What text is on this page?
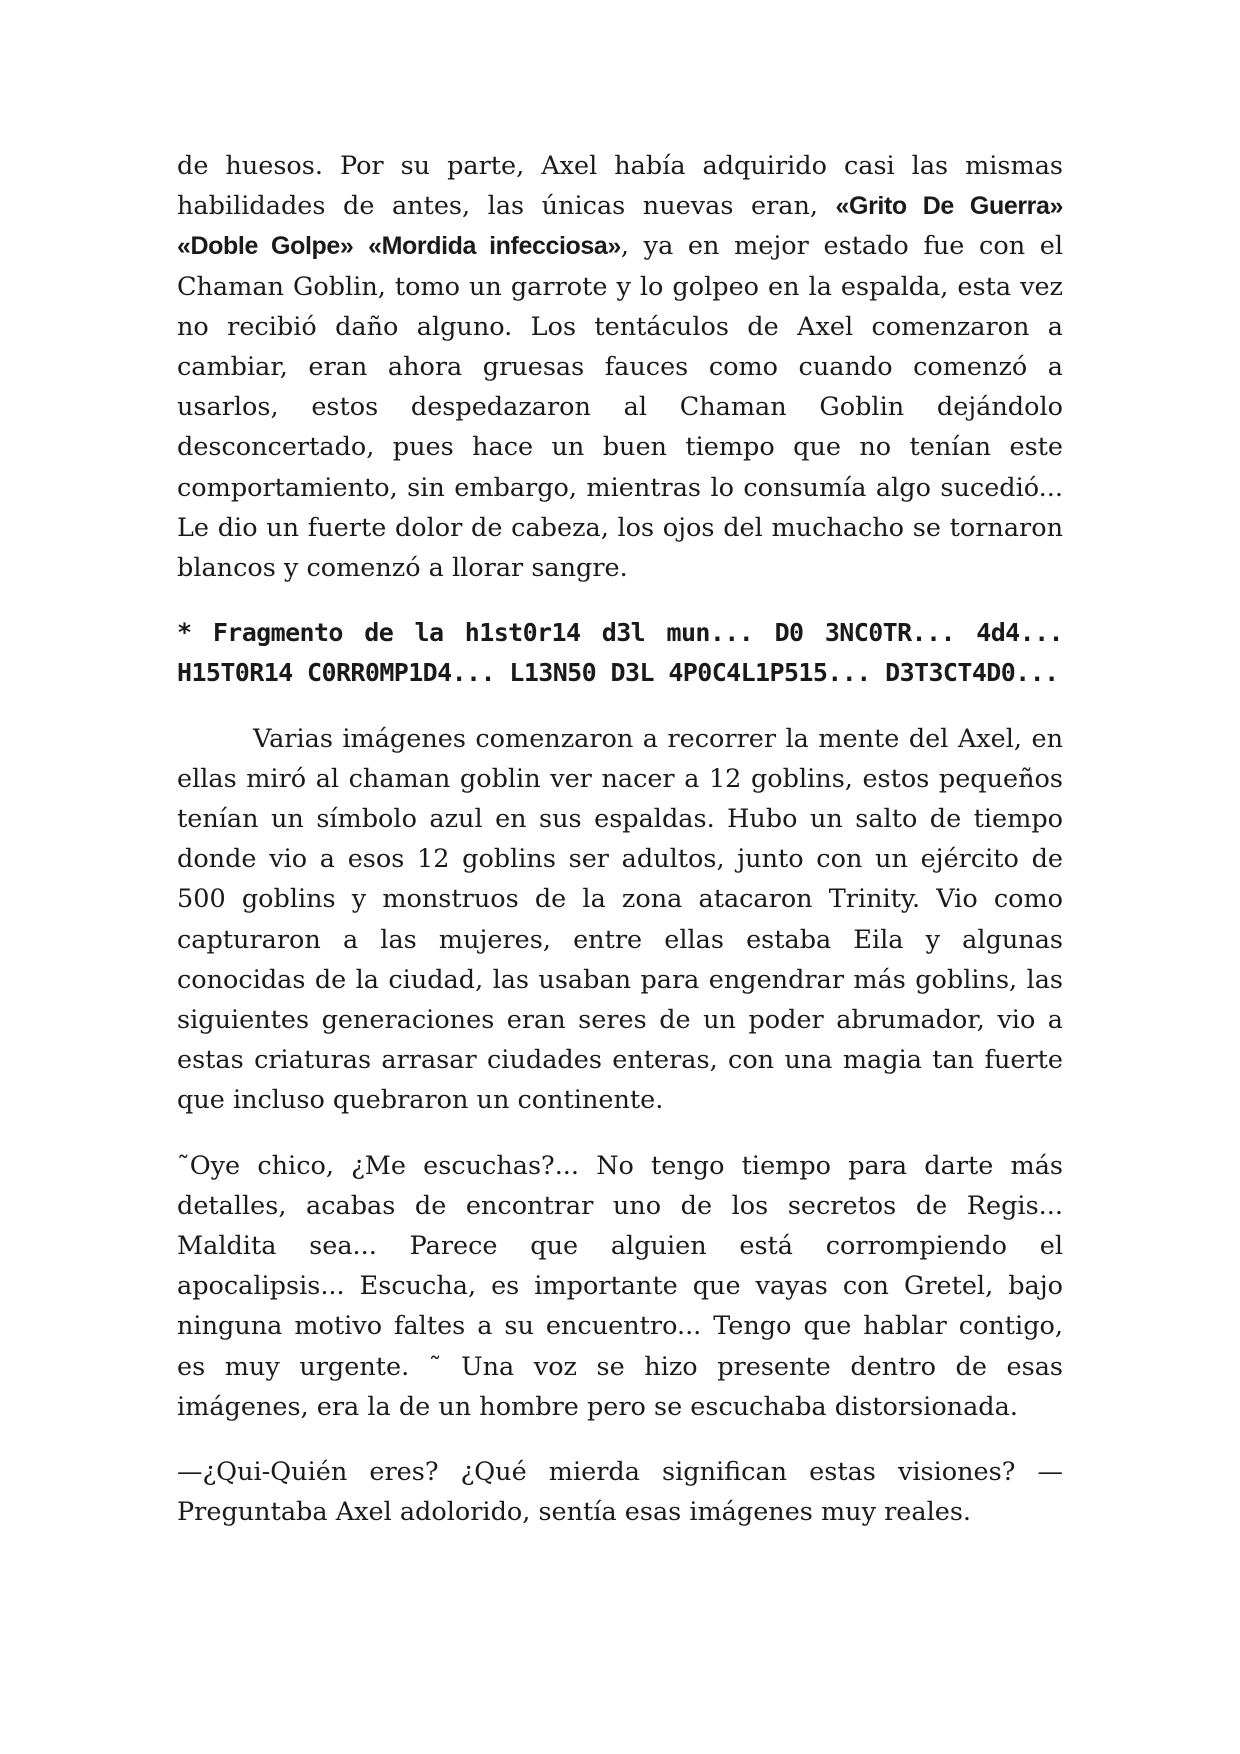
de huesos. Por su parte, Axel había adquirido casi las mismas habilidades de antes, las únicas nuevas eran, «Grito De Guerra» «Doble Golpe» «Mordida infecciosa», ya en mejor estado fue con el Chaman Goblin, tomo un garrote y lo golpeo en la espalda, esta vez no recibió daño alguno. Los tentáculos de Axel comenzaron a cambiar, eran ahora gruesas fauces como cuando comenzó a usarlos, estos despedazaron al Chaman Goblin dejándolo desconcertado, pues hace un buen tiempo que no tenían este comportamiento, sin embargo, mientras lo consumía algo sucedió... Le dio un fuerte dolor de cabeza, los ojos del muchacho se tornaron blancos y comenzó a llorar sangre.

* Fragmento de la h1st0r14 d3l mun... D0 3NC0TR... 4d4... H15T0R14 C0RR0MP1D4... L13N50 D3L 4P0C4L1P515... D3T3CT4D0...

Varias imágenes comenzaron a recorrer la mente del Axel, en ellas miró al chaman goblin ver nacer a 12 goblins, estos pequeños tenían un símbolo azul en sus espaldas. Hubo un salto de tiempo donde vio a esos 12 goblins ser adultos, junto con un ejército de 500 goblins y monstruos de la zona atacaron Trinity. Vio como capturaron a las mujeres, entre ellas estaba Eila y algunas conocidas de la ciudad, las usaban para engendrar más goblins, las siguientes generaciones eran seres de un poder abrumador, vio a estas criaturas arrasar ciudades enteras, con una magia tan fuerte que incluso quebraron un continente.

˜Oye chico, ¿Me escuchas?... No tengo tiempo para darte más detalles, acabas de encontrar uno de los secretos de Regis... Maldita sea... Parece que alguien está corrompiendo el apocalipsis... Escucha, es importante que vayas con Gretel, bajo ninguna motivo faltes a su encuentro... Tengo que hablar contigo, es muy urgente. ˜ Una voz se hizo presente dentro de esas imágenes, era la de un hombre pero se escuchaba distorsionada.

—¿Qui-Quién eres? ¿Qué mierda significan estas visiones? —Preguntaba Axel adolorido, sentía esas imágenes muy reales.
